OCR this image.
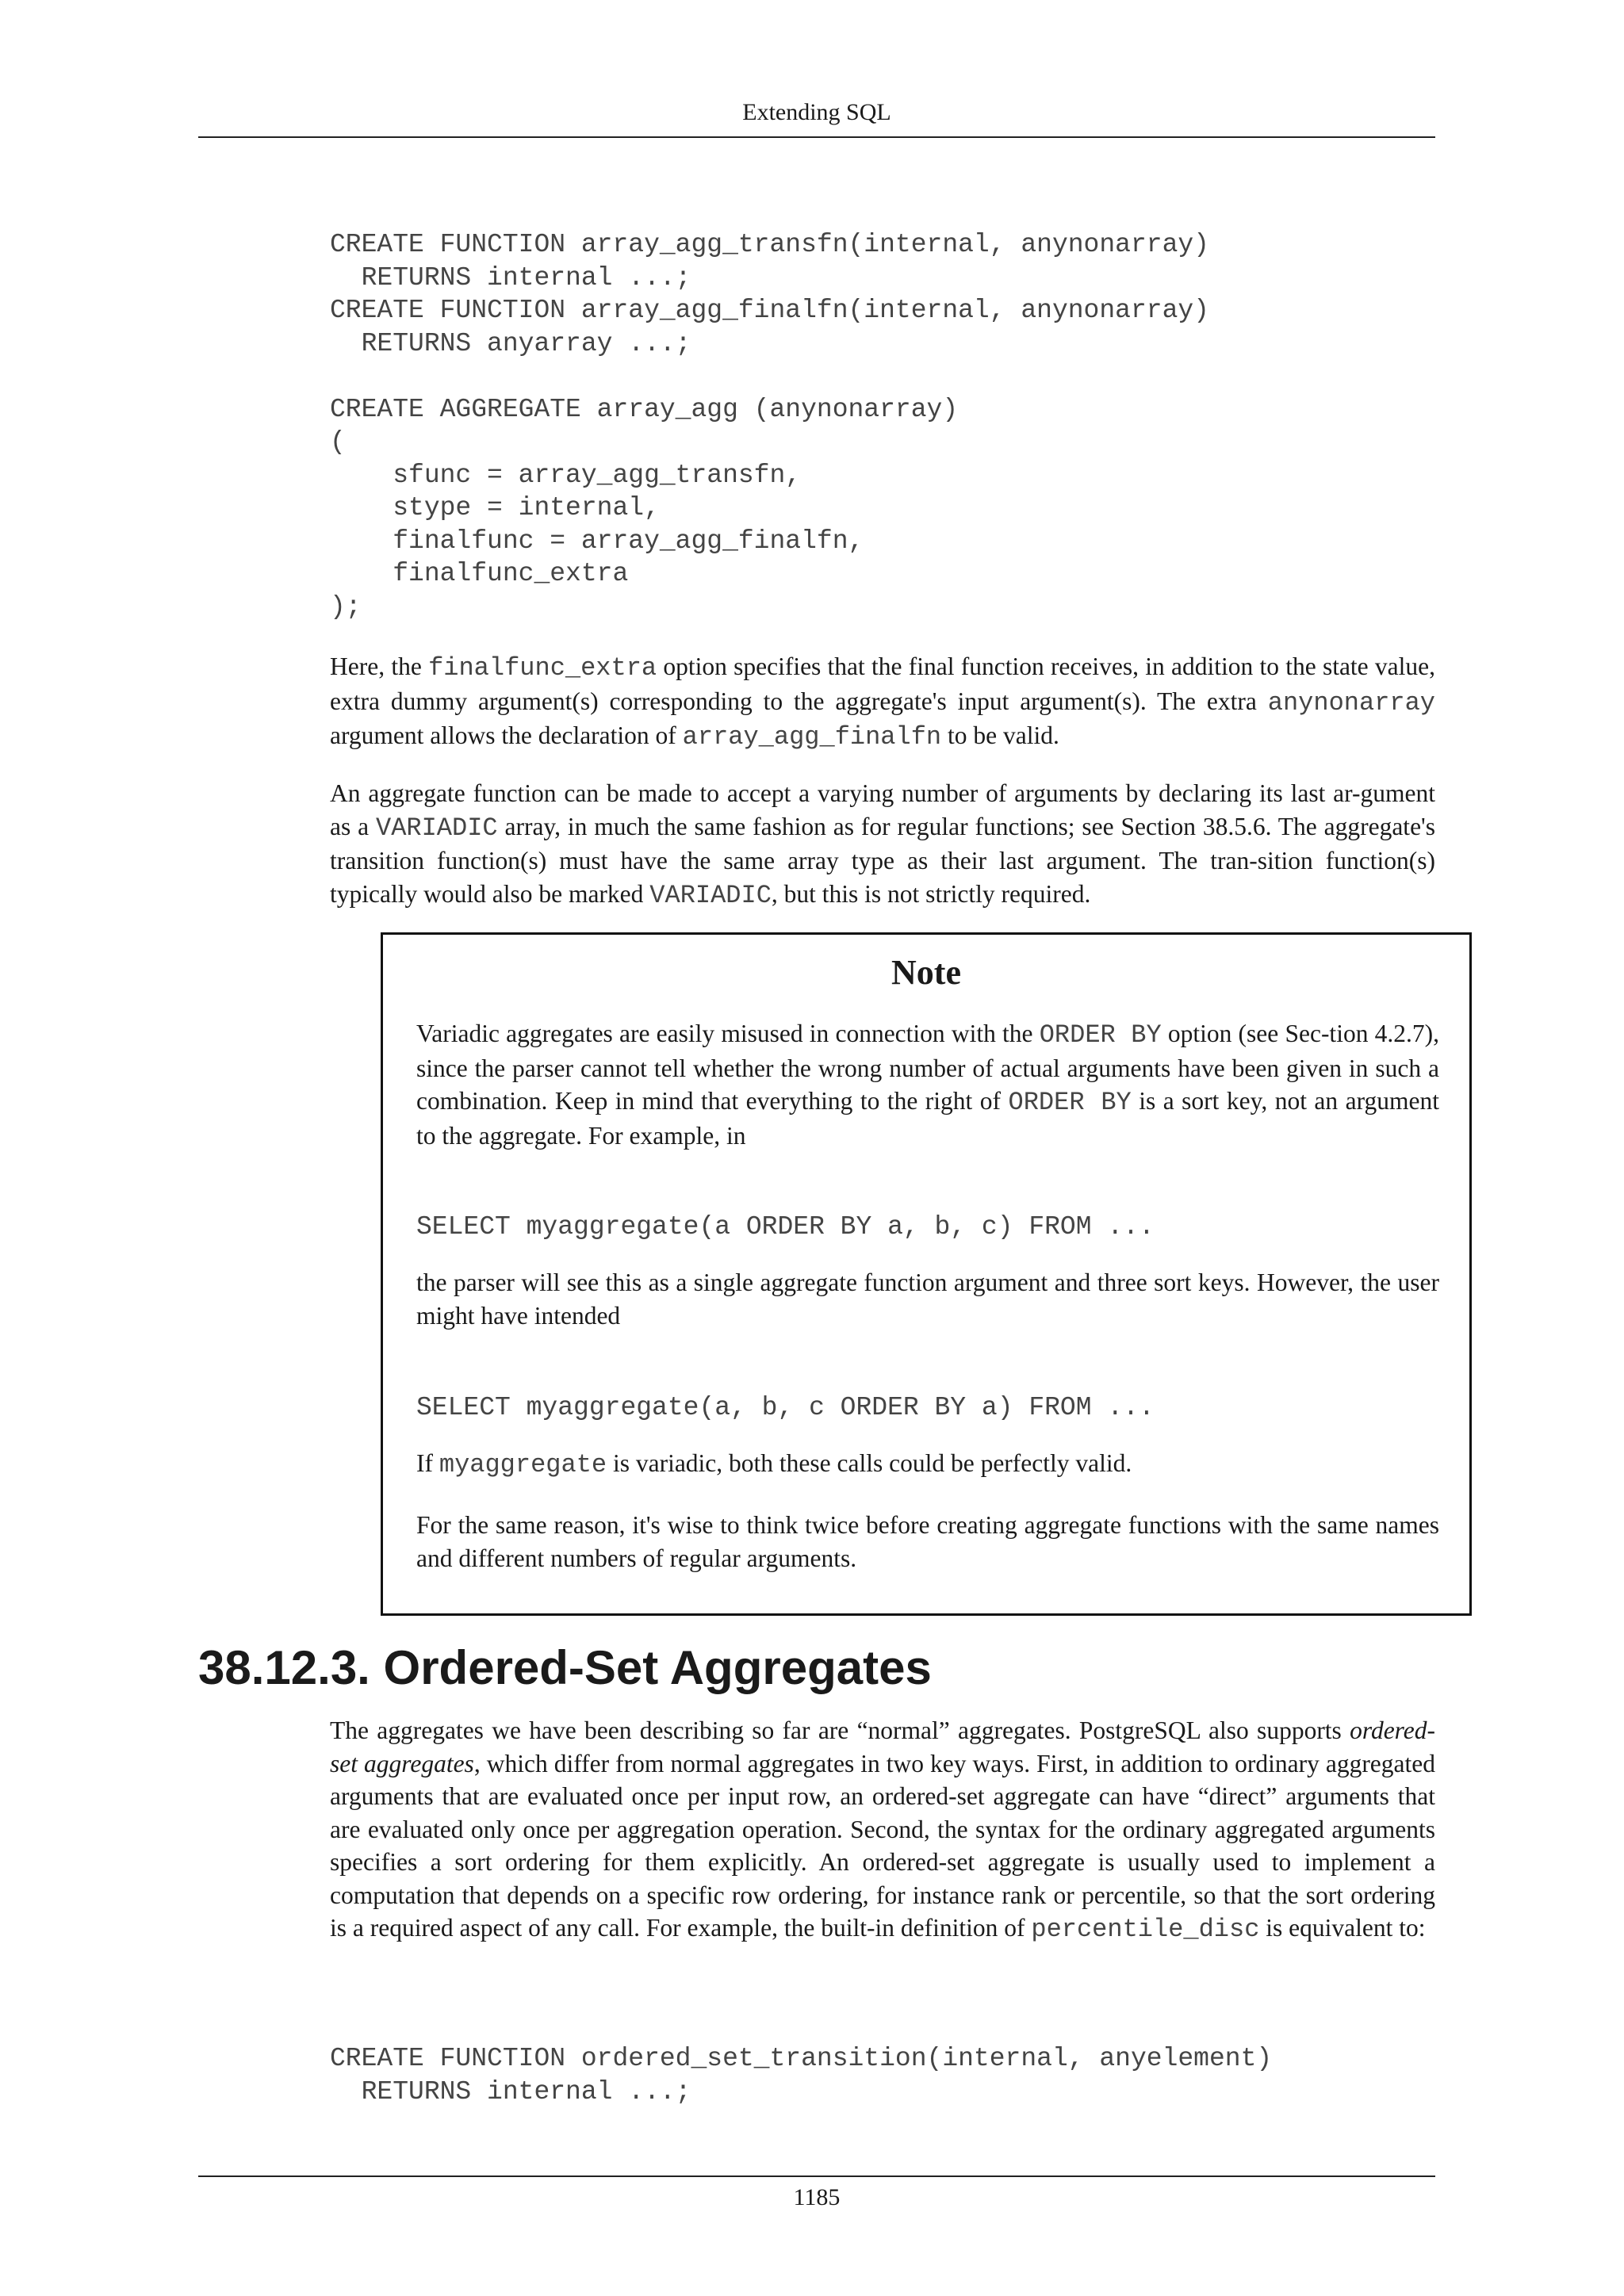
Extending SQL
CREATE FUNCTION array_agg_transfn(internal, anynonarray)
RETURNS internal ...;
CREATE FUNCTION array_agg_finalfn(internal, anynonarray)
RETURNS anyarray ...;

CREATE AGGREGATE array_agg (anynonarray)
(
sfunc = array_agg_transfn,
stype = internal,
finalfunc = array_agg_finalfn,
finalfunc_extra
);

Here, the finalfunc_extra option specifies that the final function receives, in addition to the state value, extra dummy argument(s) corresponding to the aggregate's input argument(s). The extra anynonarray argument allows the declaration of array_agg_finalfn to be valid.

An aggregate function can be made to accept a varying number of arguments by declaring its last ar-gument as a VARIADIC array, in much the same fashion as for regular functions; see Section 38.5.6. The aggregate's transition function(s) must have the same array type as their last argument. The tran-sition function(s) typically would also be marked VARIADIC, but this is not strictly required.

Note

Variadic aggregates are easily misused in connection with the ORDER BY option (see Sec-tion 4.2.7), since the parser cannot tell whether the wrong number of actual arguments have been given in such a combination. Keep in mind that everything to the right of ORDER BY is a sort key, not an argument to the aggregate. For example, in

SELECT myaggregate(a ORDER BY a, b, c) FROM ...

the parser will see this as a single aggregate function argument and three sort keys. However, the user might have intended

SELECT myaggregate(a, b, c ORDER BY a) FROM ...

If myaggregate is variadic, both these calls could be perfectly valid.

For the same reason, it's wise to think twice before creating aggregate functions with the same names and different numbers of regular arguments.

38.12.3. Ordered-Set Aggregates

The aggregates we have been describing so far are “normal” aggregates. PostgreSQL also supports ordered-set aggregates, which differ from normal aggregates in two key ways. First, in addition to ordinary aggregated arguments that are evaluated once per input row, an ordered-set aggregate can have “direct” arguments that are evaluated only once per aggregation operation. Second, the syntax for the ordinary aggregated arguments specifies a sort ordering for them explicitly. An ordered-set aggregate is usually used to implement a computation that depends on a specific row ordering, for instance rank or percentile, so that the sort ordering is a required aspect of any call. For example, the built-in definition of percentile_disc is equivalent to:

CREATE FUNCTION ordered_set_transition(internal, anyelement)
RETURNS internal ...;
1185
